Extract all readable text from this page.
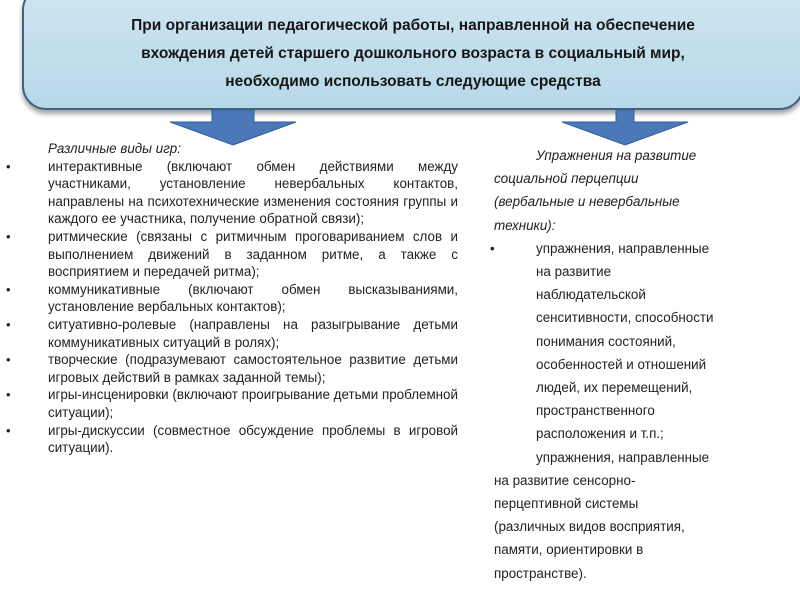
При организации педагогической работы, направленной на обеспечение
вхождения детей старшего дошкольного возраста в социальный мир,
необходимо использовать следующие средства

Различные виды игр:
• интерактивные (включают обмен действиями между участниками, установление невербальных контактов, направлены на психотехнические изменения состояния группы и каждого ее участника, получение обратной связи);
• ритмические (связаны с ритмичным проговариванием слов и выполнением движений в заданном ритме, а также с восприятием и передачей ритма);
• коммуникативные (включают обмен высказываниями, установление вербальных контактов);
• ситуативно-ролевые (направлены на разыгрывание детьми коммуникативных ситуаций в ролях);
• творческие (подразумевают самостоятельное развитие детьми игровых действий в рамках заданной темы);
• игры-инсценировки (включают проигрывание детьми проблемной ситуации);
• игры-дискуссии (совместное обсуждение проблемы в игровой ситуации).
Упражнения на развитие
социальной перцепции
(вербальные и невербальные
техники):
•	упражнения, направленные
на развитие
наблюдательской
сенситивности, способности
понимания состояний,
особенностей и отношений
людей, их перемещений,
пространственного
расположения и т.п.;
упражнения, направленные
на развитие сенсорно-
перцептивной системы
(различных видов восприятия,
памяти, ориентировки в
пространстве).
